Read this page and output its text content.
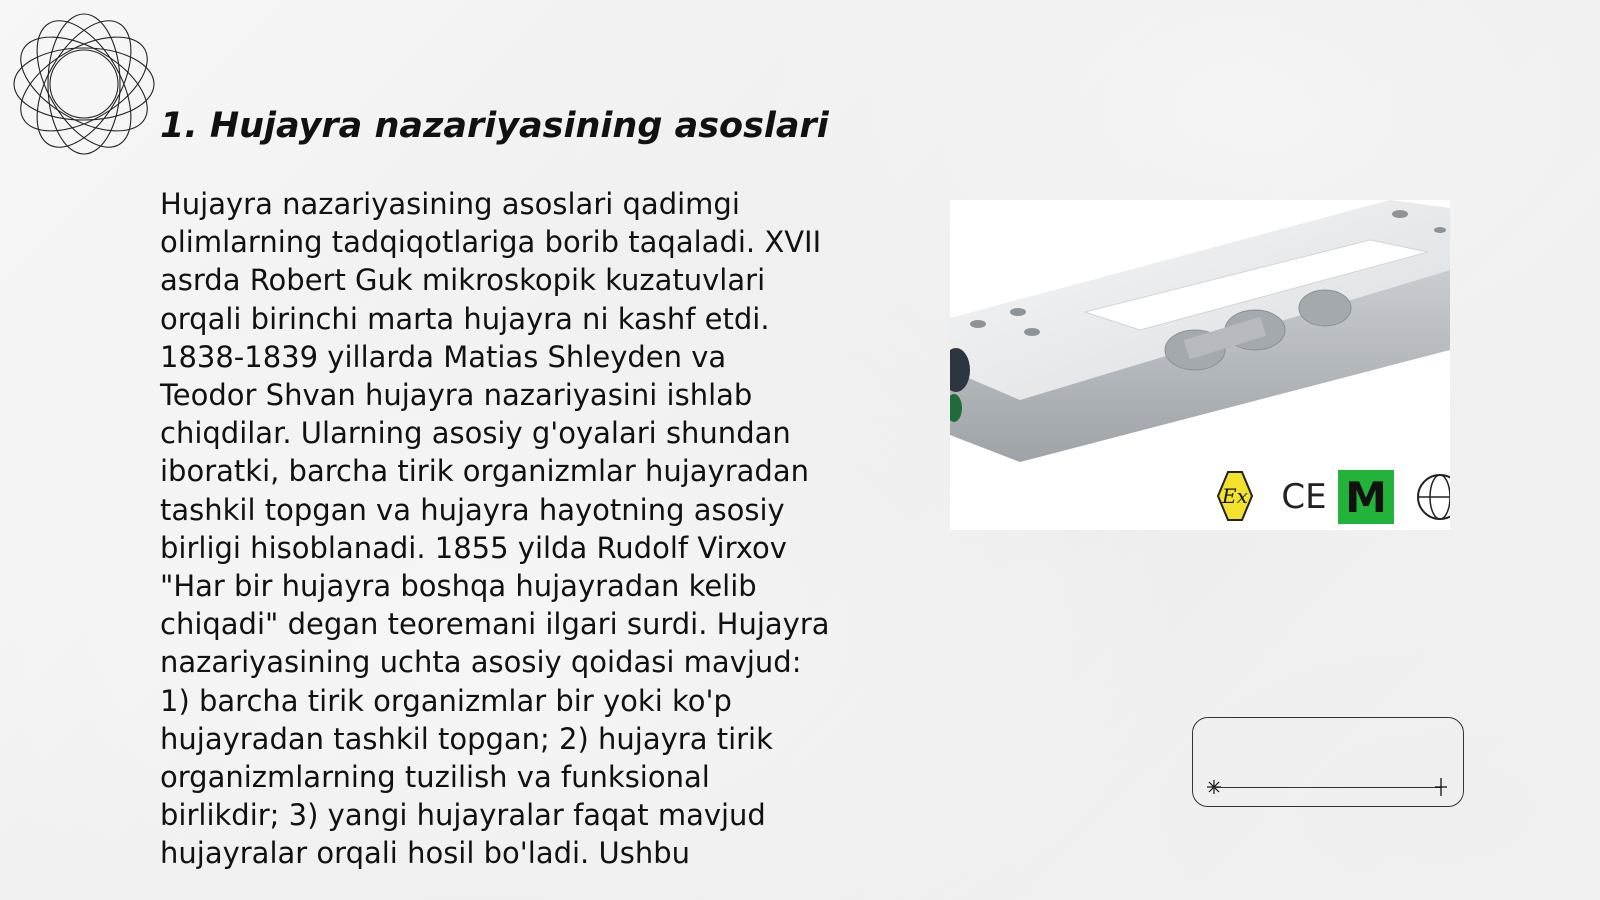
1. Hujayra nazariyasining asoslari

Hujayra nazariyasining asoslari qadimgi olimlarning tadqiqotlariga borib taqaladi. XVII asrda Robert Guk mikroskopik kuzatuvlari orqali birinchi marta hujayra ni kashf etdi. 1838-1839 yillarda Matias Shleyden va Teodor Shvan hujayra nazariyasini ishlab chiqdilar. Ularning asosiy g'oyalari shundan iboratki, barcha tirik organizmlar hujayradan tashkil topgan va hujayra hayotning asosiy birligi hisoblanadi. 1855 yilda Rudolf Virxov "Har bir hujayra boshqa hujayradan kelib chiqadi" degan teoremani ilgari surdi. Hujayra nazariyasining uchta asosiy qoidasi mavjud: 1) barcha tirik organizmlar bir yoki ko'p hujayradan tashkil topgan; 2) hujayra tirik organizmlarning tuzilish va funksional birlikdir; 3) yangi hujayralar faqat mavjud hujayralar orqali hosil bo'ladi. Ushbu

Ex CE M
